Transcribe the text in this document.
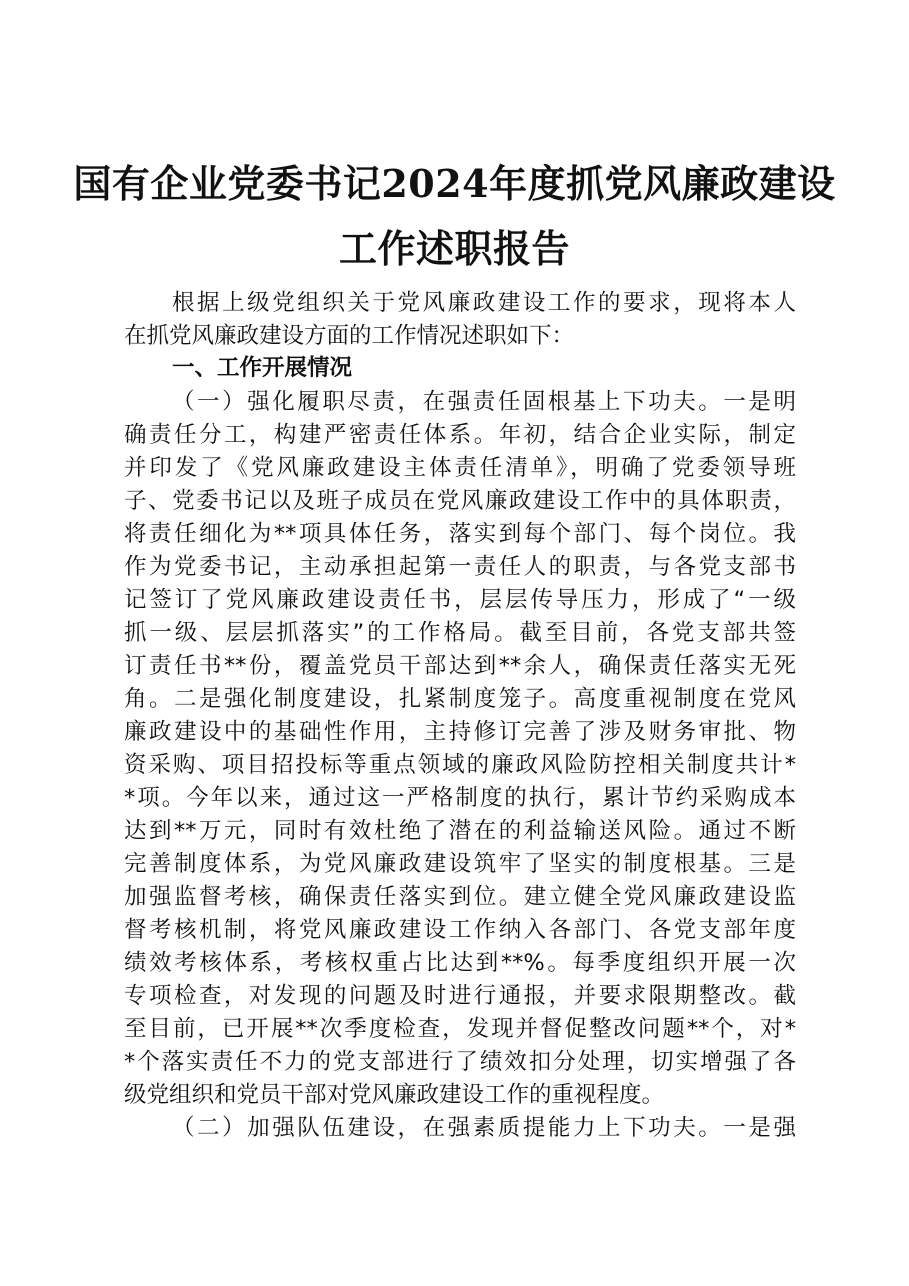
国有企业党委书记2024年度抓党风廉政建设
工作述职报告
根据上级党组织关于党风廉政建设工作的要求，现将本人
在抓党风廉政建设方面的工作情况述职如下：
一、工作开展情况
（一）强化履职尽责，在强责任固根基上下功夫。一是明
确责任分工，构建严密责任体系。年初，结合企业实际，制定
并印发了《党风廉政建设主体责任清单》，明确了党委领导班
子、党委书记以及班子成员在党风廉政建设工作中的具体职责，
将责任细化为**项具体任务，落实到每个部门、每个岗位。我
作为党委书记，主动承担起第一责任人的职责，与各党支部书
记签订了党风廉政建设责任书，层层传导压力，形成了“一级
抓一级、层层抓落实”的工作格局。截至目前，各党支部共签
订责任书**份，覆盖党员干部达到**余人，确保责任落实无死
角。二是强化制度建设，扎紧制度笼子。高度重视制度在党风
廉政建设中的基础性作用，主持修订完善了涉及财务审批、物
资采购、项目招投标等重点领域的廉政风险防控相关制度共计*
*项。今年以来，通过这一严格制度的执行，累计节约采购成本
达到**万元，同时有效杜绝了潜在的利益输送风险。通过不断
完善制度体系，为党风廉政建设筑牢了坚实的制度根基。三是
加强监督考核，确保责任落实到位。建立健全党风廉政建设监
督考核机制，将党风廉政建设工作纳入各部门、各党支部年度
绩效考核体系，考核权重占比达到**%。每季度组织开展一次
专项检查，对发现的问题及时进行通报，并要求限期整改。截
至目前，已开展**次季度检查，发现并督促整改问题**个，对*
*个落实责任不力的党支部进行了绩效扣分处理，切实增强了各
级党组织和党员干部对党风廉政建设工作的重视程度。
（二）加强队伍建设，在强素质提能力上下功夫。一是强
